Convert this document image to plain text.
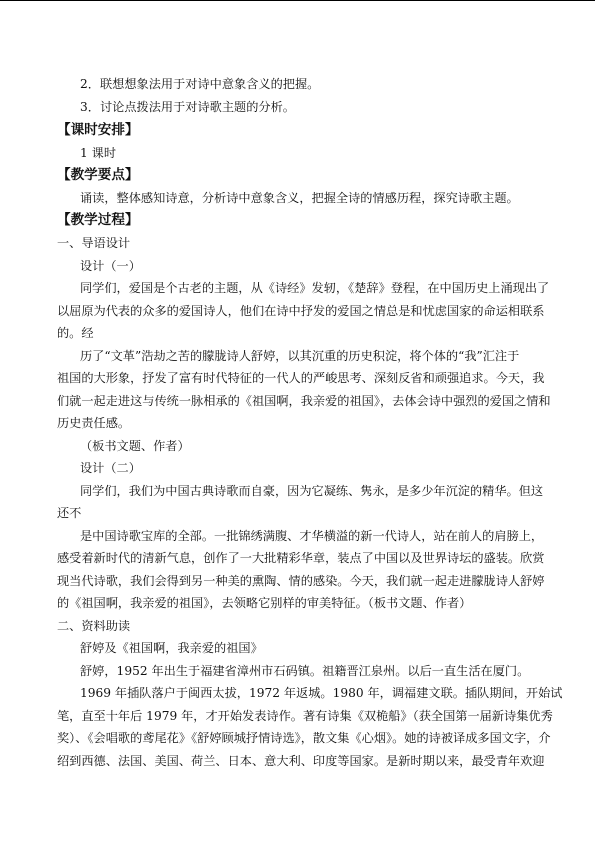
2．联想想象法用于对诗中意象含义的把握。
3．讨论点拨法用于对诗歌主题的分析。
【课时安排】
1 课时
【教学要点】
诵读，整体感知诗意，分析诗中意象含义，把握全诗的情感历程，探究诗歌主题。
【教学过程】
一、导语设计
设计（一）
同学们，爱国是个古老的主题，从《诗经》发轫，《楚辞》登程，在中国历史上涌现出了
以屈原为代表的众多的爱国诗人，他们在诗中抒发的爱国之情总是和忧虑国家的命运相联系
的。经
历了“文革”浩劫之苦的朦胧诗人舒婷，以其沉重的历史积淀，将个体的“我”汇注于
祖国的大形象，抒发了富有时代特征的一代人的严峻思考、深刻反省和顽强追求。今天，我
们就一起走进这与传统一脉相承的《祖国啊，我亲爱的祖国》，去体会诗中强烈的爱国之情和
历史责任感。
（板书文题、作者）
设计（二）
同学们，我们为中国古典诗歌而自豪，因为它凝练、隽永，是多少年沉淀的精华。但这
还不
是中国诗歌宝库的全部。一批锦绣满腹、才华横溢的新一代诗人，站在前人的肩膀上，
感受着新时代的清新气息，创作了一大批精彩华章，装点了中国以及世界诗坛的盛装。欣赏
现当代诗歌，我们会得到另一种美的熏陶、情的感染。今天，我们就一起走进朦胧诗人舒婷
的《祖国啊，我亲爱的祖国》，去领略它别样的审美特征。（板书文题、作者）
二、资料助读
舒婷及《祖国啊，我亲爱的祖国》
舒婷，1952 年出生于福建省漳州市石码镇。祖籍晋江泉州。以后一直生活在厦门。
1969 年插队落户于闽西太拔，1972 年返城。1980 年，调福建文联。插队期间，开始试
笔，直至十年后 1979 年，才开始发表诗作。著有诗集《双桅船》（获全国第一届新诗集优秀
奖）、《会唱歌的鸢尾花》《舒婷顾城抒情诗选》，散文集《心烟》。她的诗被译成多国文字，介
绍到西德、法国、美国、荷兰、日本、意大利、印度等国家。是新时期以来，最受青年欢迎
